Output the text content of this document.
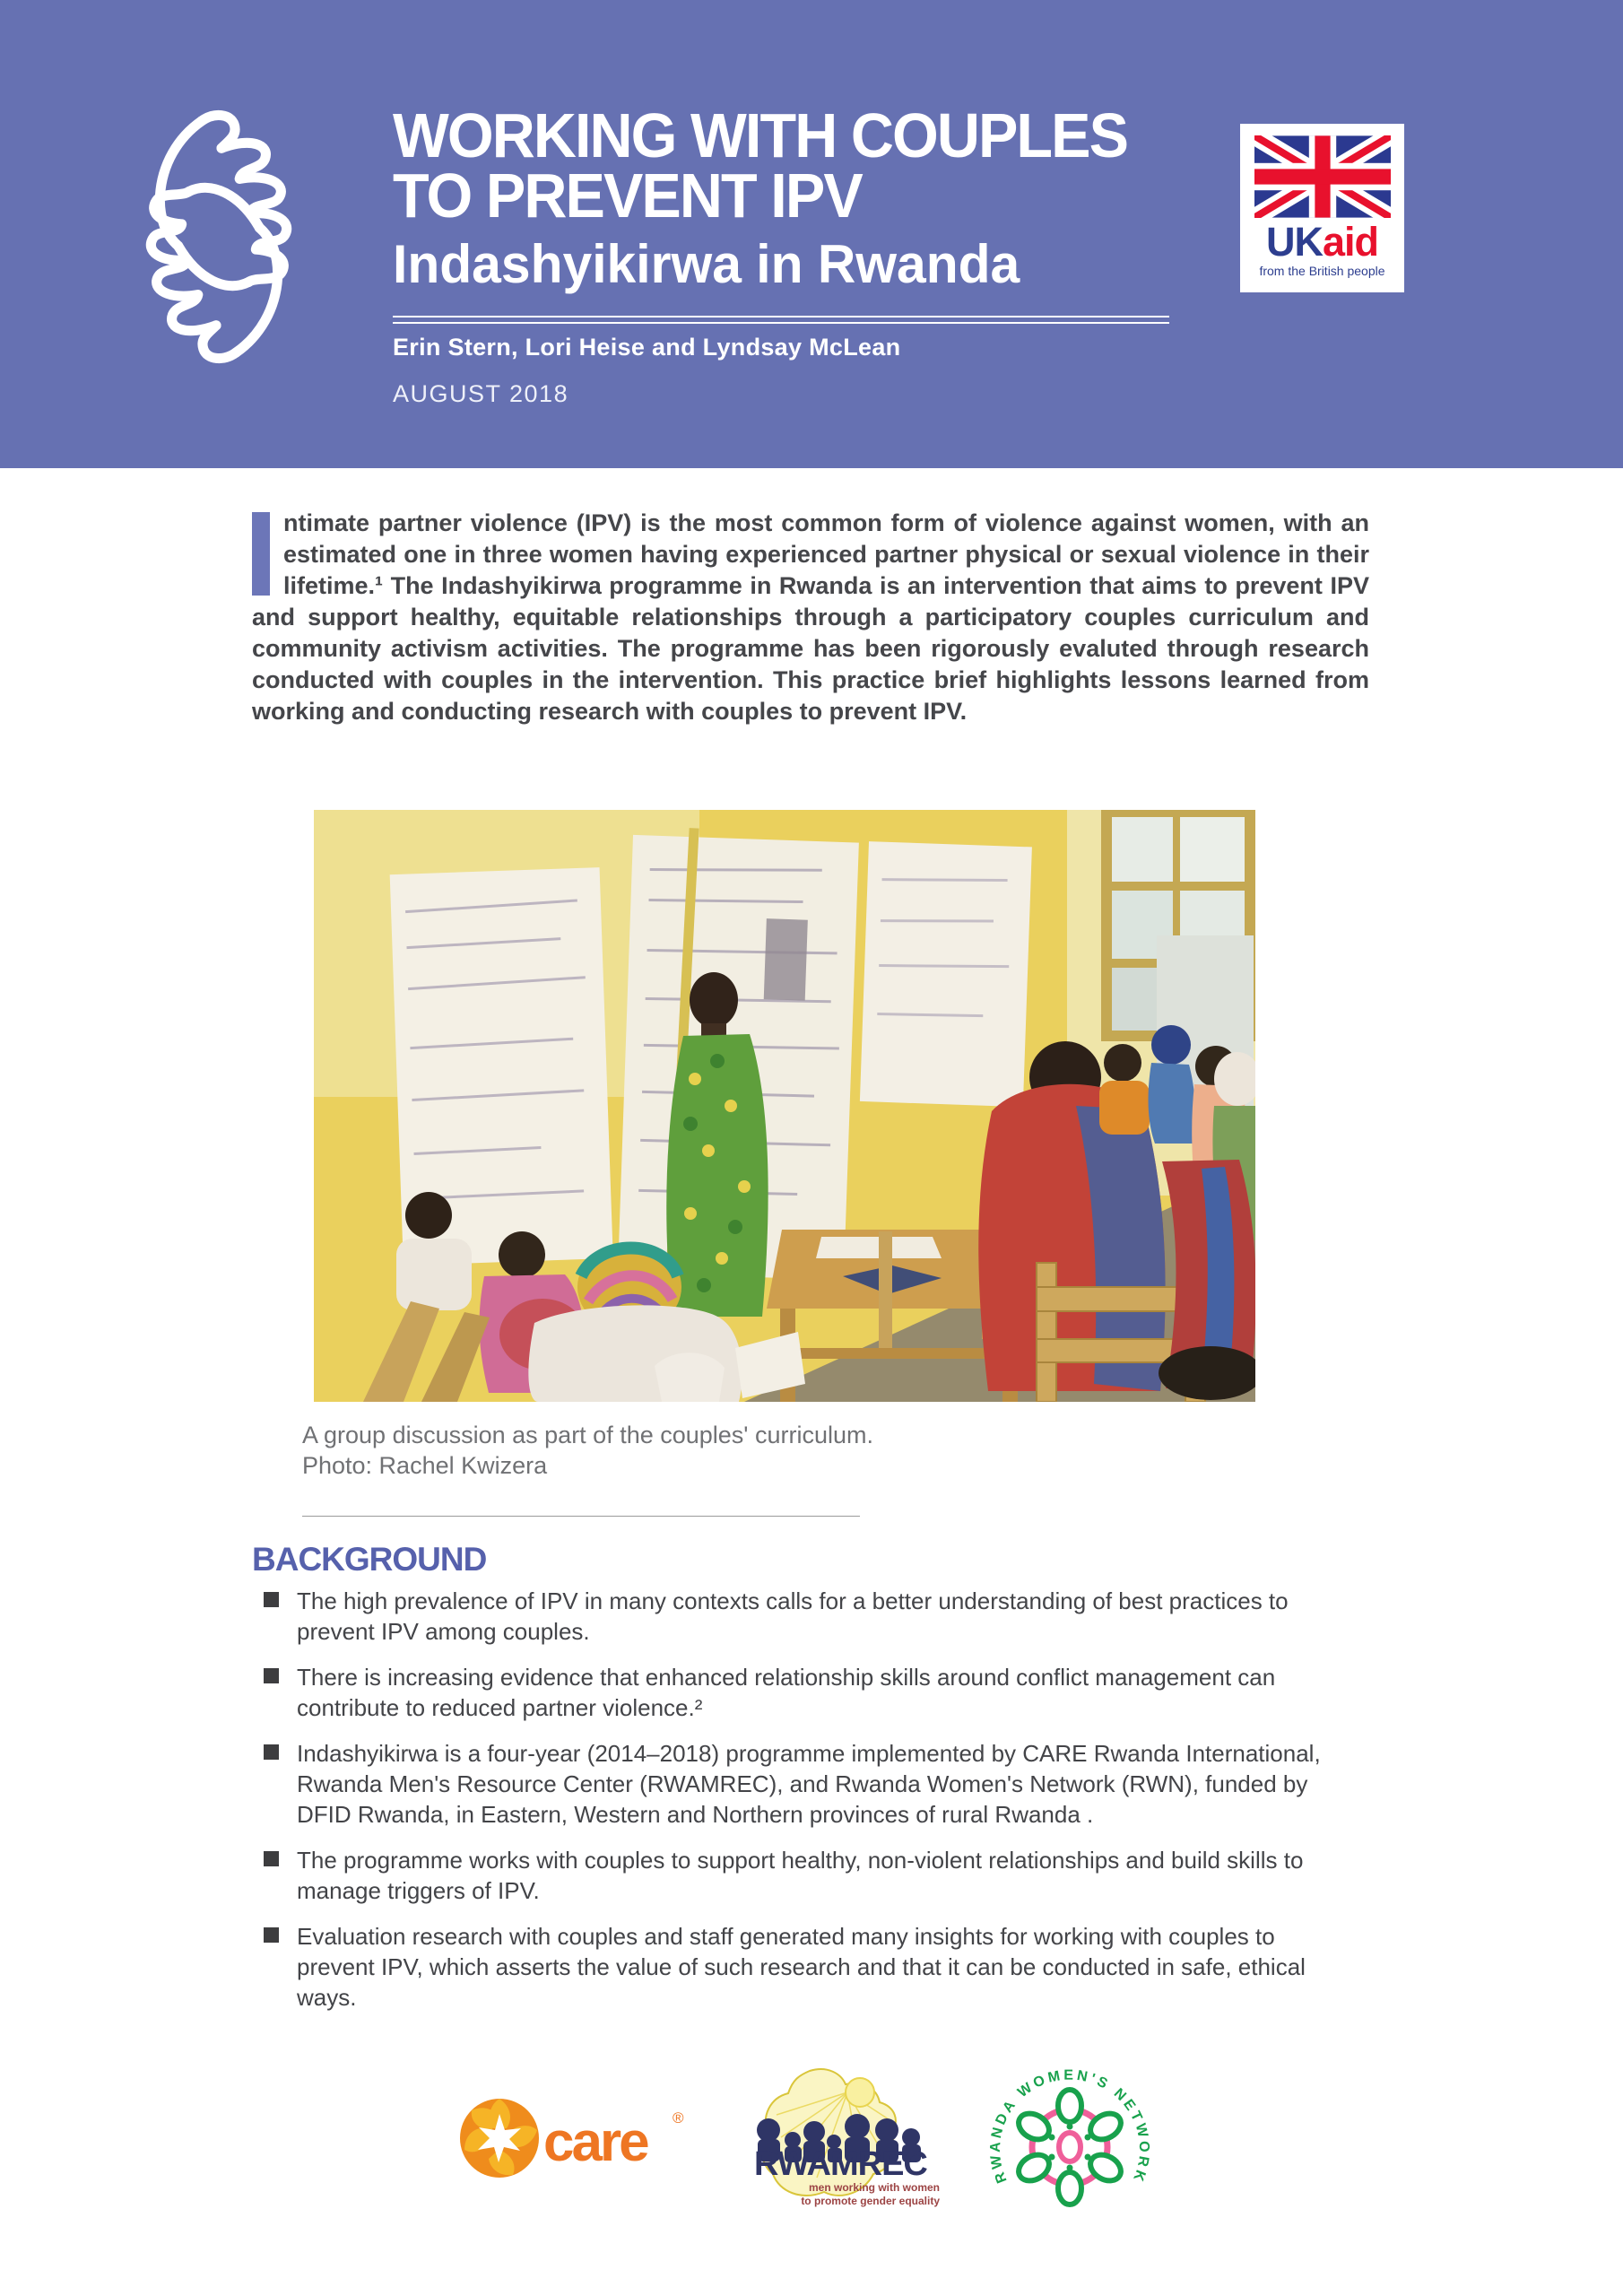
WORKING WITH COUPLES
TO PREVENT IPV
Indashyikirwa in Rwanda
Erin Stern, Lori Heise and Lyndsay McLean
AUGUST 2018
UKaid
from the British people
ntimate partner violence (IPV) is the most common form of violence against women, with an estimated one in three women having experienced partner physical or sexual violence in their lifetime.¹ The Indashyikirwa programme in Rwanda is an intervention that aims to prevent IPV and support healthy, equitable relationships through a participatory couples curriculum and community activism activities. The programme has been rigorously evaluted through research conducted with couples in the intervention. This practice brief highlights lessons learned from working and conducting research with couples to prevent IPV.
A group discussion as part of the couples' curriculum.
Photo: Rachel Kwizera
BACKGROUND
The high prevalence of IPV in many contexts calls for a better understanding of best practices to prevent IPV among couples.
There is increasing evidence that enhanced relationship skills around conflict management can contribute to reduced partner violence.²
Indashyikirwa is a four-year (2014–2018) programme implemented by CARE Rwanda International, Rwanda Men's Resource Center (RWAMREC), and Rwanda Women's Network (RWN), funded by DFID Rwanda, in Eastern, Western and Northern provinces of rural Rwanda .
The programme works with couples to support healthy, non-violent relationships and build skills to manage triggers of IPV.
Evaluation research with couples and staff generated many insights for working with couples to prevent IPV, which asserts the value of such research and that it can be conducted in safe, ethical ways.
care ®
RWAMREC
men working with women
to promote gender equality
RWANDA WOMEN'S NETWORK
